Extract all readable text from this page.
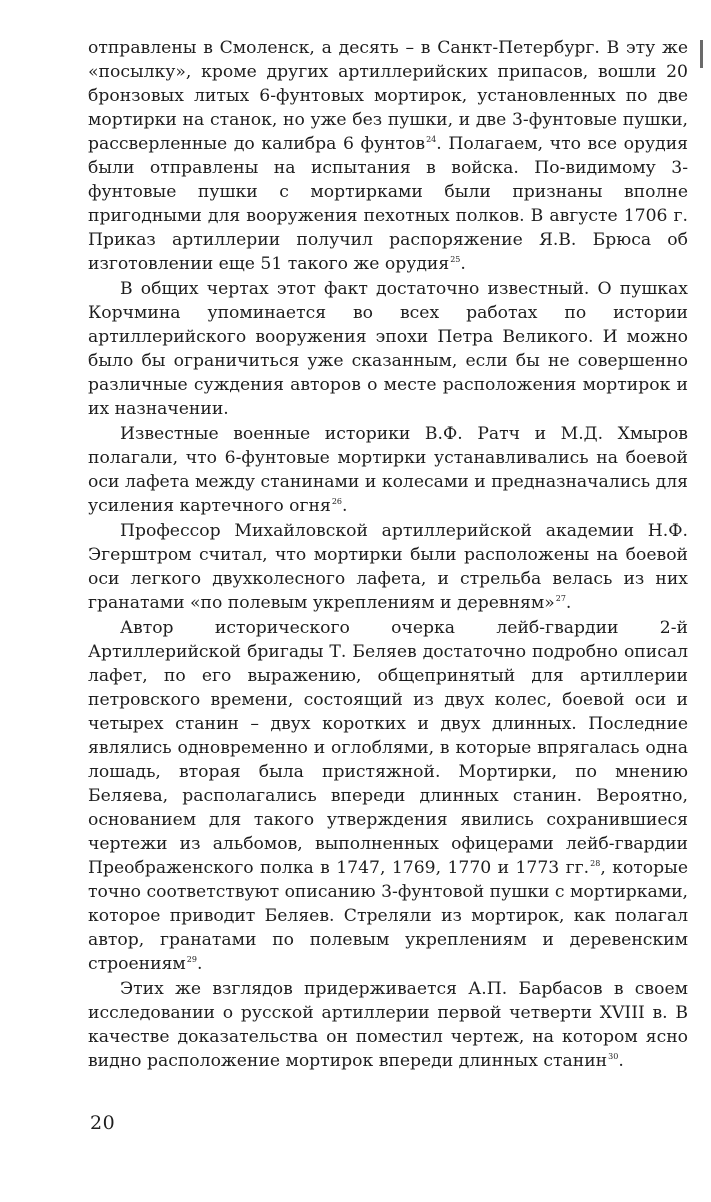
отправлены в Смоленск, а десять – в Санкт-Петербург. В эту же «посылку», кроме других артиллерийских припасов, вошли 20 бронзовых литых 6-фунтовых мортирок, установленных по две мортирки на станок, но уже без пушки, и две 3-фунтовые пушки, рассверленные до калибра 6 фунтов$^{24}$. Полагаем, что все орудия были отправлены на испытания в войска. По-видимому 3-фунтовые пушки с мортирками были признаны вполне пригодными для вооружения пехотных полков. В августе 1706 г. Приказ артиллерии получил распоряжение Я.В. Брюса об изготовлении еще 51 такого же орудия$^{25}$.

В общих чертах этот факт достаточно известный. О пушках Корчмина упоминается во всех работах по истории артиллерийского вооружения эпохи Петра Великого. И можно было бы ограничиться уже сказанным, если бы не совершенно различные суждения авторов о месте расположения мортирок и их назначении.

Известные военные историки В.Ф. Ратч и М.Д. Хмыров полагали, что 6-фунтовые мортирки устанавливались на боевой оси лафета между станинами и колесами и предназначались для усиления картечного огня$^{26}$.

Профессор Михайловской артиллерийской академии Н.Ф. Эгерштром считал, что мортирки были расположены на боевой оси легкого двухколесного лафета, и стрельба велась из них гранатами «по полевым укреплениям и деревням»$^{27}$.

Автор исторического очерка лейб-гвардии 2-й Артиллерийской бригады Т. Беляев достаточно подробно описал лафет, по его выражению, общепринятый для артиллерии петровского времени, состоящий из двух колес, боевой оси и четырех станин – двух коротких и двух длинных. Последние являлись одновременно и оглоблями, в которые впрягалась одна лошадь, вторая была пристяжной. Мортирки, по мнению Беляева, располагались впереди длинных станин. Вероятно, основанием для такого утверждения явились сохранившиеся чертежи из альбомов, выполненных офицерами лейб-гвардии Преображенского полка в 1747, 1769, 1770 и 1773 гг.$^{28}$, которые точно соответствуют описанию 3-фунтовой пушки с мортирками, которое приводит Беляев. Стреляли из мортирок, как полагал автор, гранатами по полевым укреплениям и деревенским строениям$^{29}$.

Этих же взглядов придерживается А.П. Барбасов в своем исследовании о русской артиллерии первой четверти XVIII в. В качестве доказательства он поместил чертеж, на котором ясно видно расположение мортирок впереди длинных станин$^{30}$.

20
